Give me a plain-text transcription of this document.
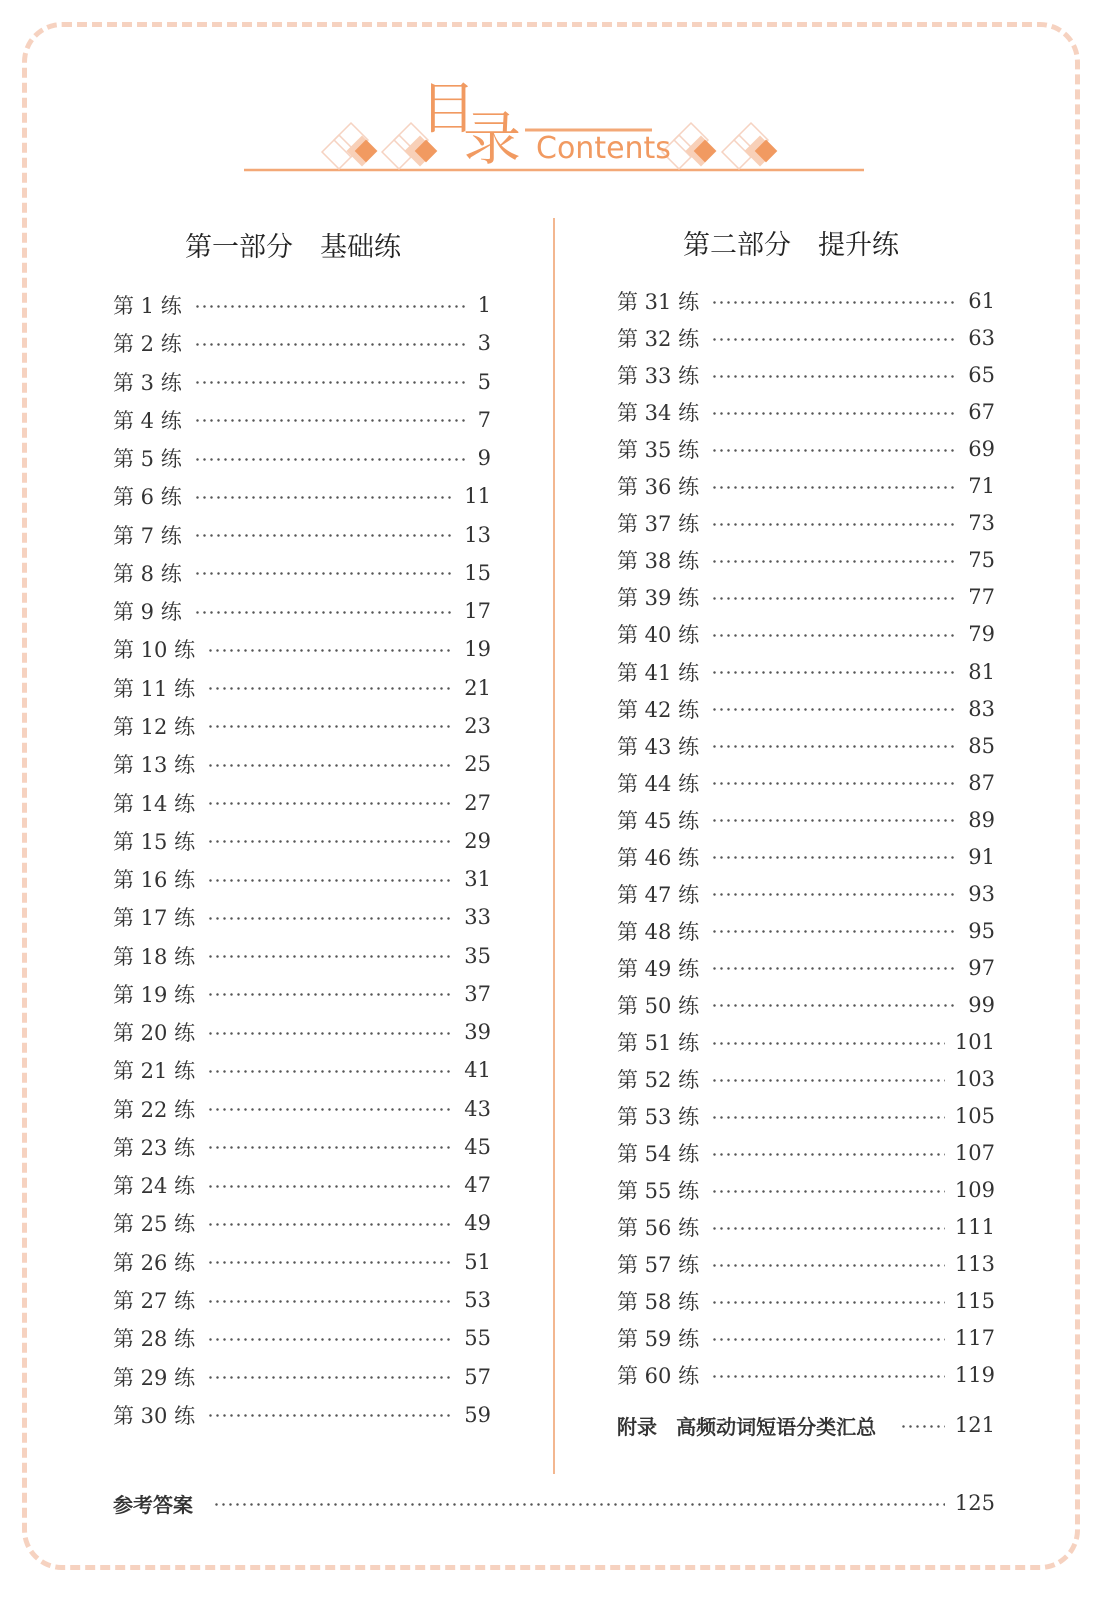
目
录 Contents
第一部分　基础练	第二部分　提升练
第 1 练	1
第 2 练	3
第 3 练	5
第 4 练	7
第 5 练	9
第 6 练	11
第 7 练	13
第 8 练	15
第 9 练	17
第 10 练	19
第 11 练	21
第 12 练	23
第 13 练	25
第 14 练	27
第 15 练	29
第 16 练	31
第 17 练	33
第 18 练	35
第 19 练	37
第 20 练	39
第 21 练	41
第 22 练	43
第 23 练	45
第 24 练	47
第 25 练	49
第 26 练	51
第 27 练	53
第 28 练	55
第 29 练	57
第 30 练	59
第 31 练	61
第 32 练	63
第 33 练	65
第 34 练	67
第 35 练	69
第 36 练	71
第 37 练	73
第 38 练	75
第 39 练	77
第 40 练	79
第 41 练	81
第 42 练	83
第 43 练	85
第 44 练	87
第 45 练	89
第 46 练	91
第 47 练	93
第 48 练	95
第 49 练	97
第 50 练	99
第 51 练	101
第 52 练	103
第 53 练	105
第 54 练	107
第 55 练	109
第 56 练	111
第 57 练	113
第 58 练	115
第 59 练	117
第 60 练	119
附录 高频动词短语分类汇总	121
参考答案	125
